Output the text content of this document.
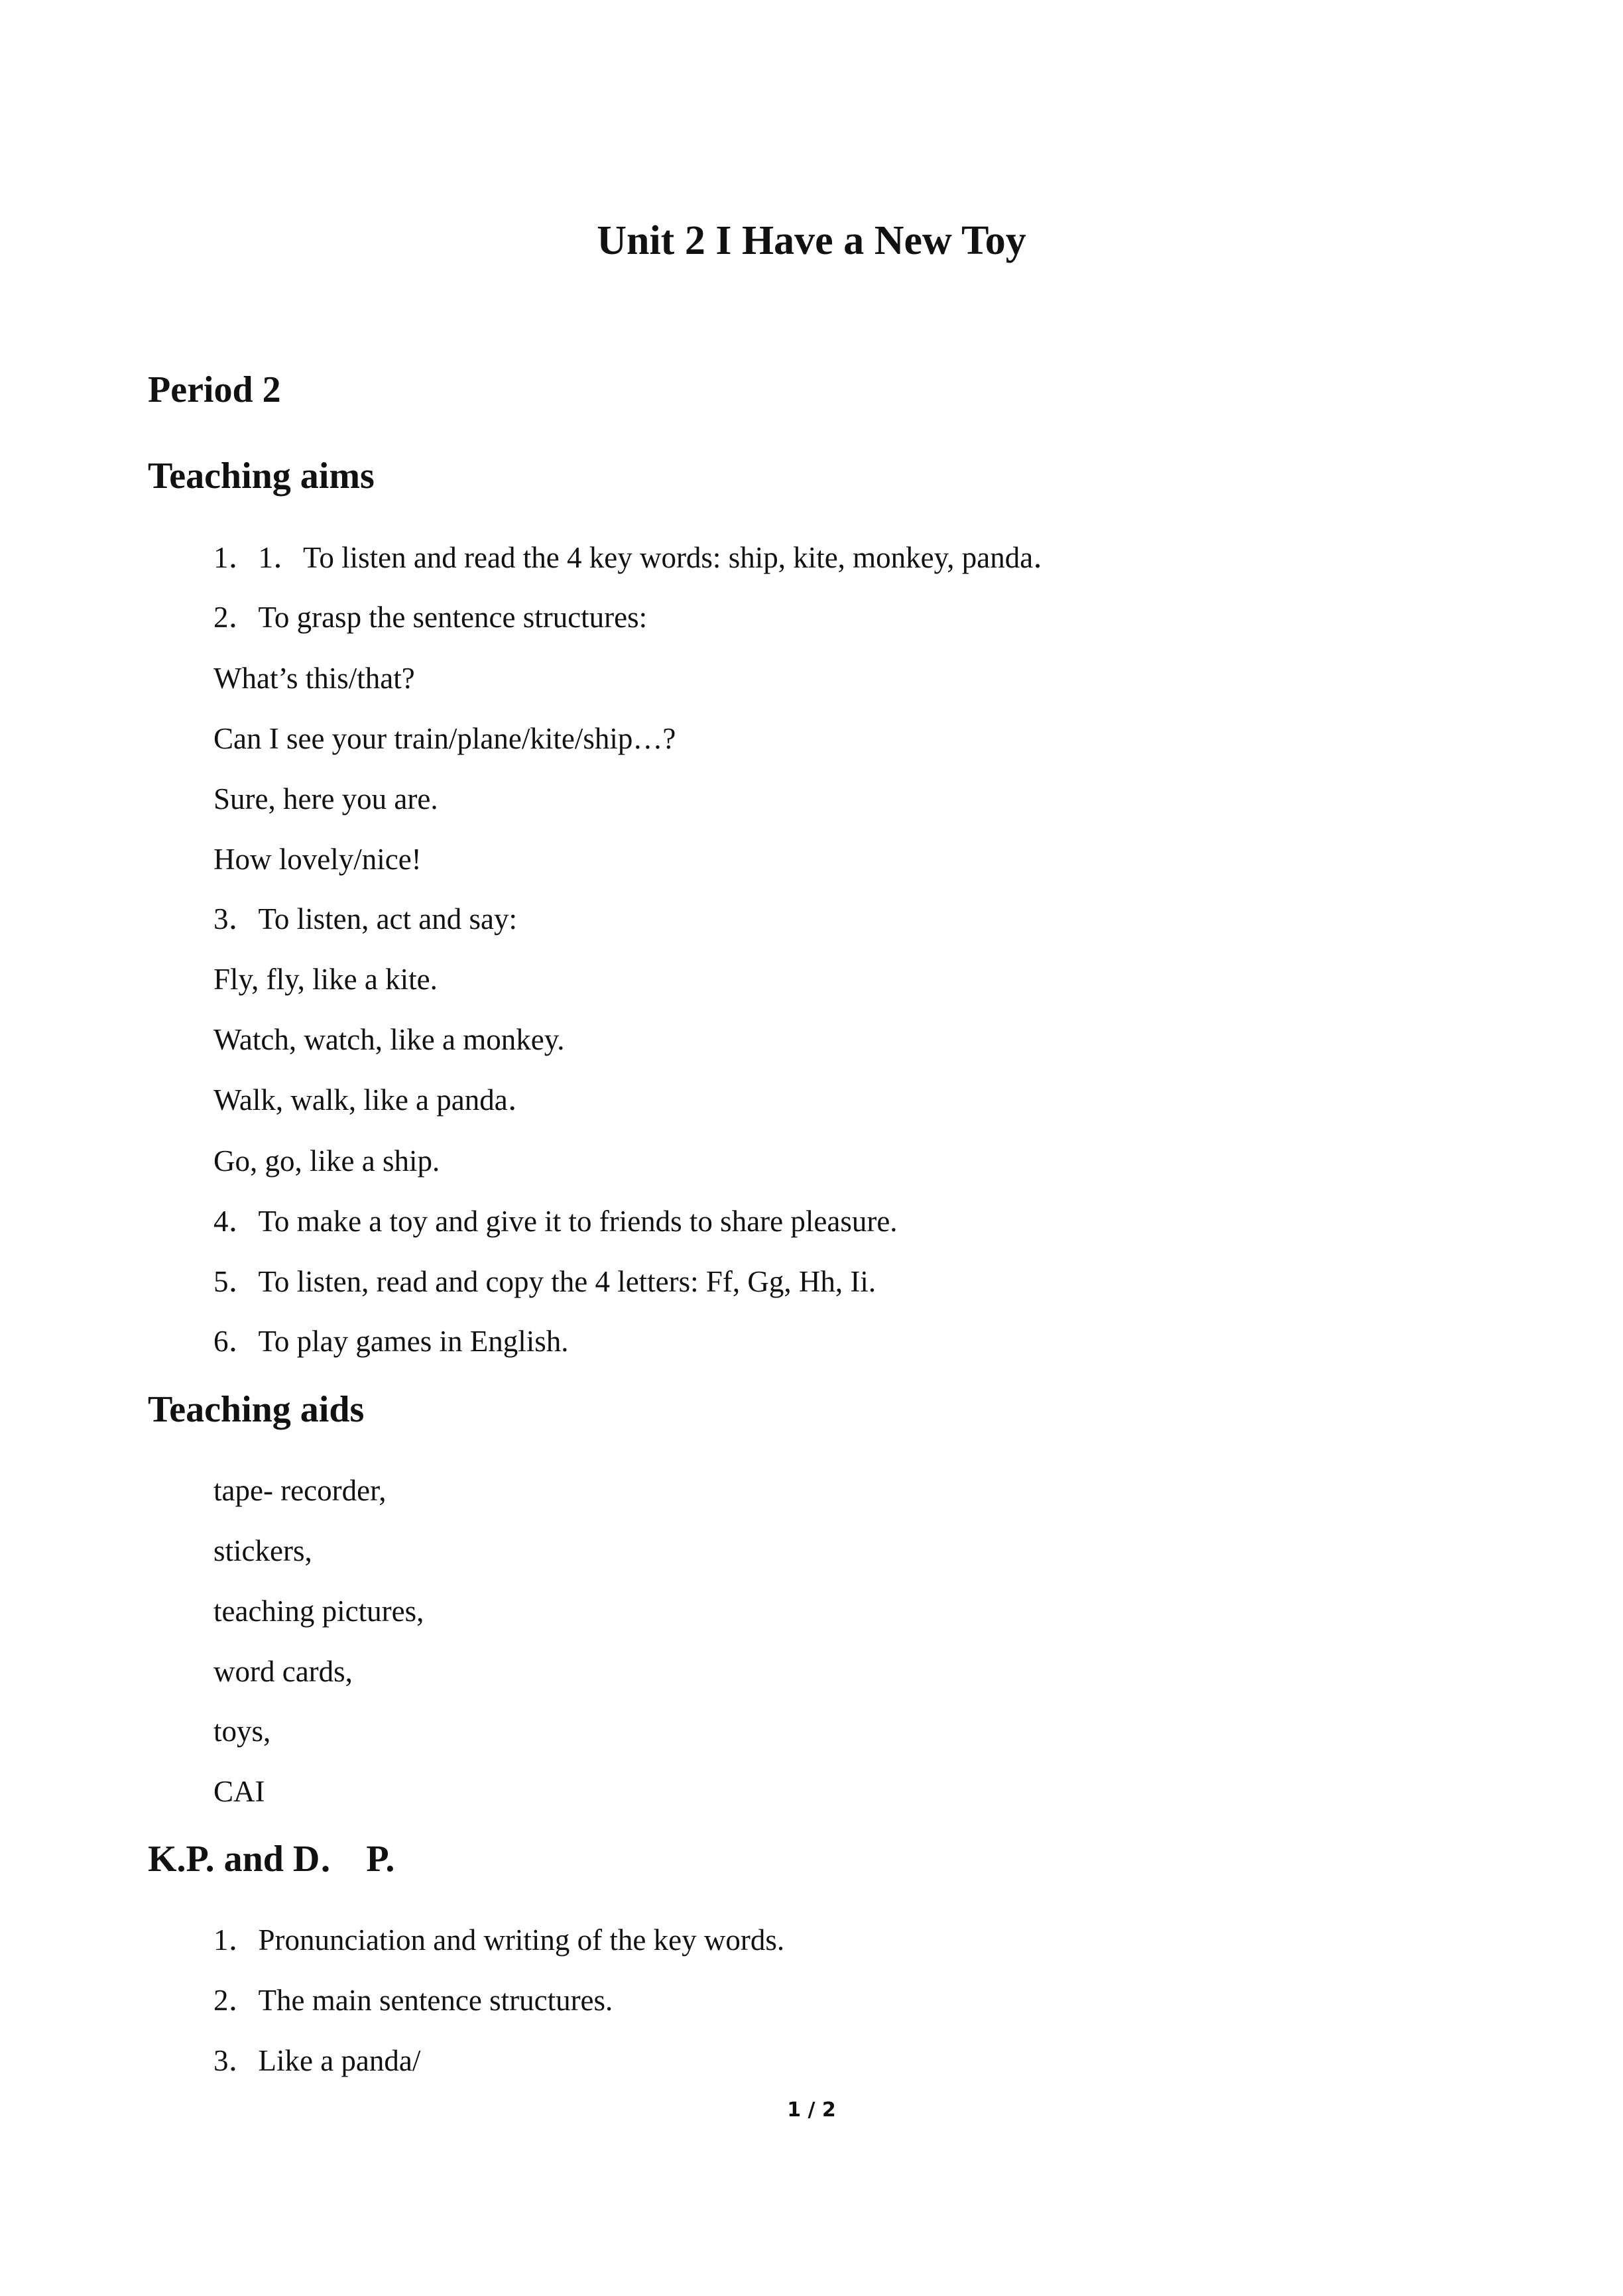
Unit 2 I Have a New Toy
Period 2
Teaching aims
1．1．To listen and read the 4 key words: ship, kite, monkey, panda．
2．To grasp the sentence structures:
What’s this/that?
Can I see your train/plane/kite/ship…?
Sure, here you are.
How lovely/nice!
3．To listen, act and say:
Fly, fly, like a kite.
Watch, watch, like a monkey.
Walk, walk, like a panda．
Go, go, like a ship.
4．To make a toy and give it to friends to share pleasure.
5．To listen, read and copy the 4 letters: Ff, Gg, Hh, Ii.
6．To play games in English.
Teaching aids
tape- recorder,
stickers,
teaching pictures,
word cards,
toys,
CAI
K.P. and D． P.
1．Pronunciation and writing of the key words.
2．The main sentence structures.
3．Like a panda/
1 / 2
